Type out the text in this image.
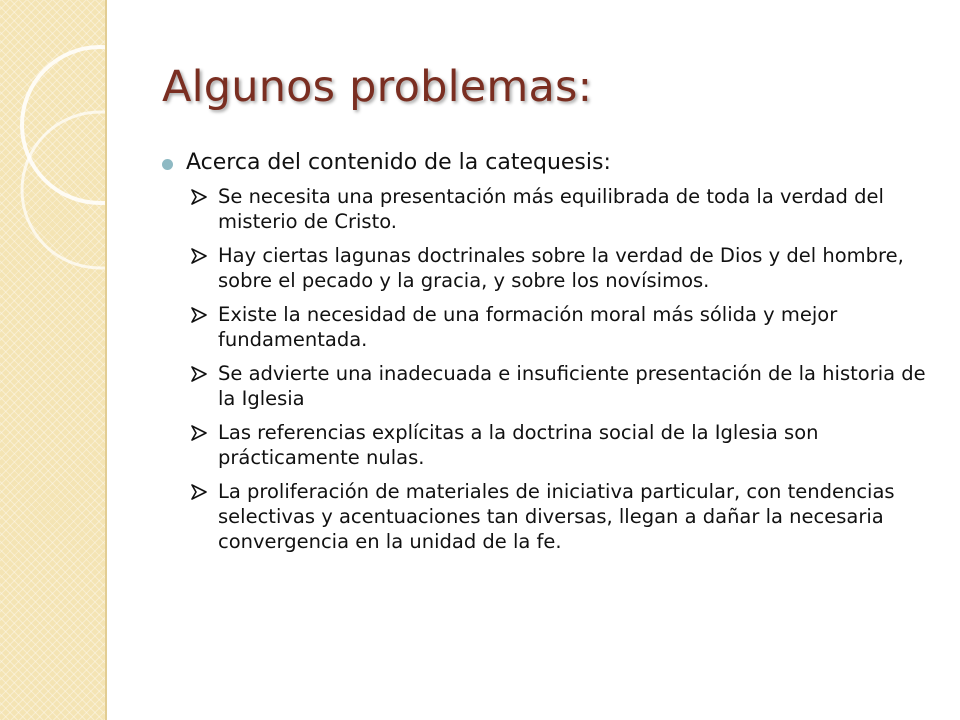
Algunos problemas:
Acerca del contenido de la catequesis:
Se necesita una presentación más equilibrada de toda la verdad del misterio de Cristo.
Hay ciertas lagunas doctrinales sobre la verdad de Dios y del hombre, sobre el pecado y la gracia, y sobre los novísimos.
Existe la necesidad de una formación moral más sólida y mejor fundamentada.
Se advierte una inadecuada e insuficiente presentación de la historia de la Iglesia
Las referencias explícitas a la doctrina social de la Iglesia son prácticamente nulas.
La proliferación de materiales de iniciativa particular, con tendencias selectivas y acentuaciones tan diversas, llegan a dañar la necesaria convergencia en la unidad de la fe.
